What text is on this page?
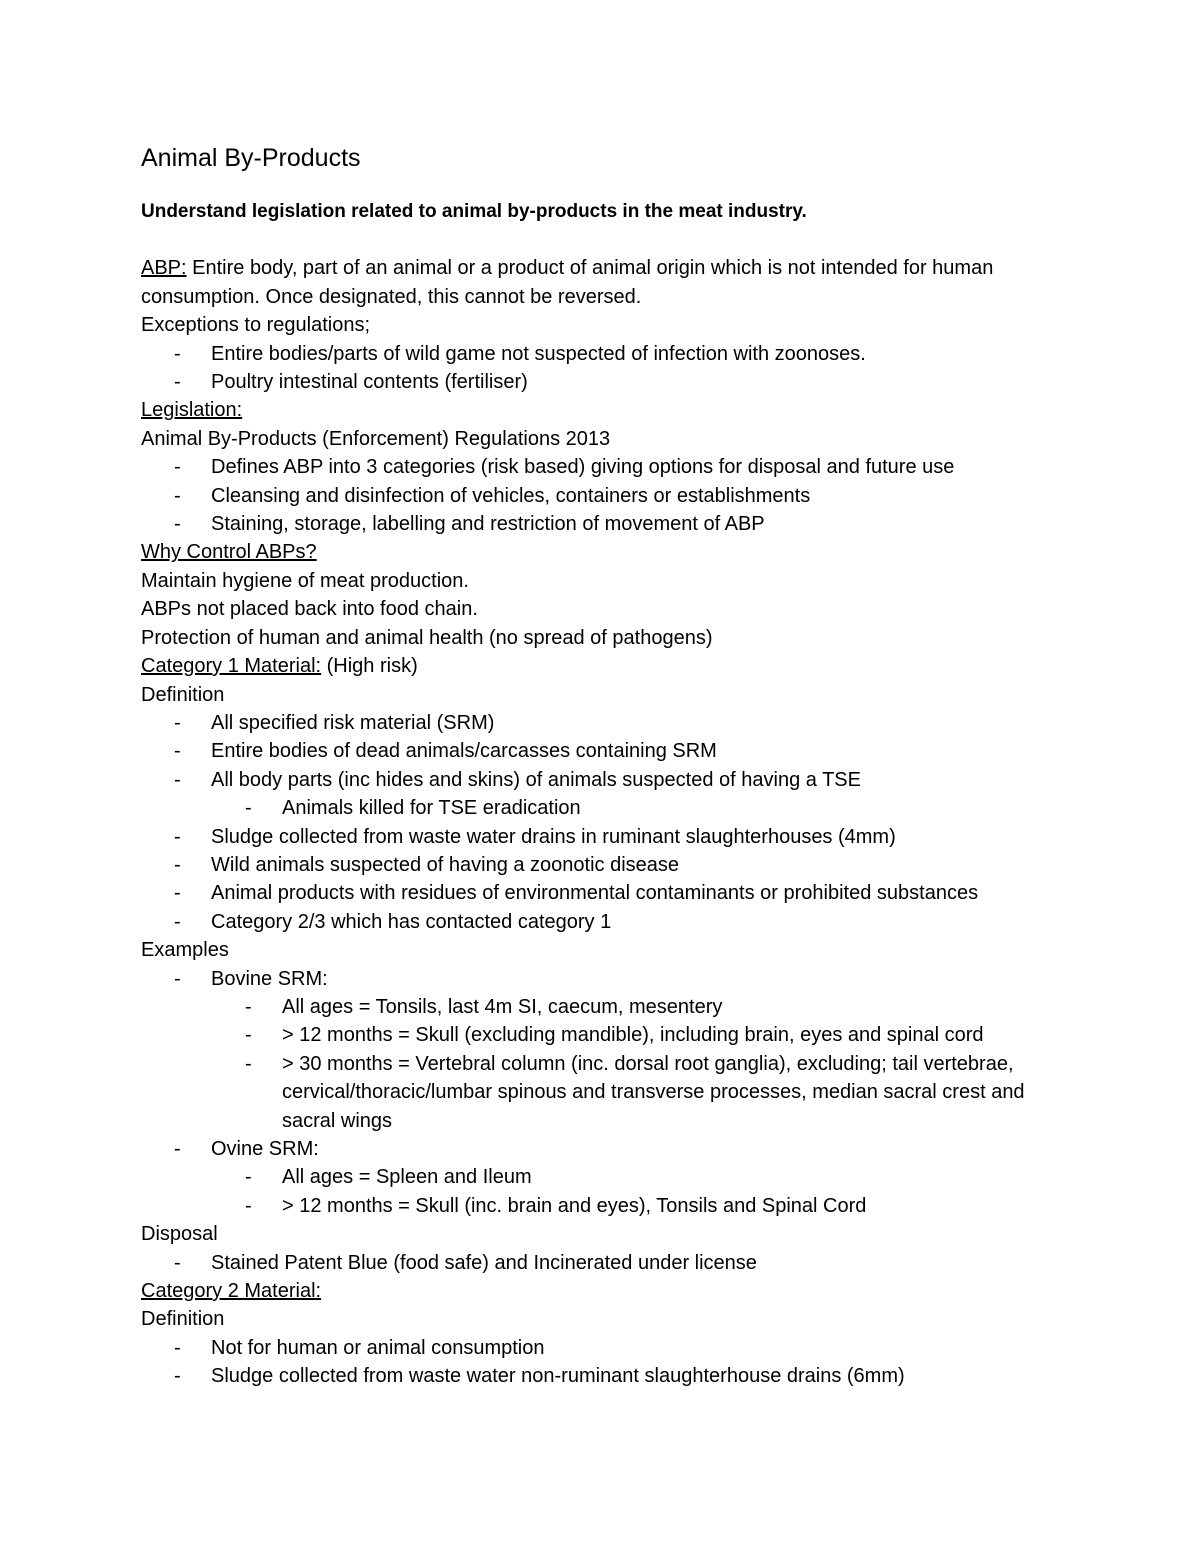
Animal By-Products
Understand legislation related to animal by-products in the meat industry.

ABP: Entire body, part of an animal or a product of animal origin which is not intended for human consumption. Once designated, this cannot be reversed.

Exceptions to regulations;

-	Entire bodies/parts of wild game not suspected of infection with zoonoses.
-	Poultry intestinal contents (fertiliser)

Legislation:

Animal By-Products (Enforcement) Regulations 2013

-	Defines ABP into 3 categories (risk based) giving options for disposal and future use
-	Cleansing and disinfection of vehicles, containers or establishments
-	Staining, storage, labelling and restriction of movement of ABP

Why Control ABPs?

Maintain hygiene of meat production.

ABPs not placed back into food chain.

Protection of human and animal health (no spread of pathogens)

Category 1 Material: (High risk)

Definition

-	All specified risk material (SRM)
-	Entire bodies of dead animals/carcasses containing SRM
-	All body parts (inc hides and skins) of animals suspected of having a TSE
-	Animals killed for TSE eradication
-	Sludge collected from waste water drains in ruminant slaughterhouses (4mm)
-	Wild animals suspected of having a zoonotic disease
-	Animal products with residues of environmental contaminants or prohibited substances
-	Category 2/3 which has contacted category 1

Examples

-	Bovine SRM:
-	All ages = Tonsils, last 4m SI, caecum, mesentery
-	> 12 months = Skull (excluding mandible), including brain, eyes and spinal cord
-	> 30 months = Vertebral column (inc. dorsal root ganglia), excluding; tail vertebrae, cervical/thoracic/lumbar spinous and transverse processes, median sacral crest and sacral wings
-	Ovine SRM:
-	All ages = Spleen and Ileum
-	> 12 months = Skull (inc. brain and eyes), Tonsils and Spinal Cord

Disposal

-	Stained Patent Blue (food safe) and Incinerated under license

Category 2 Material:

Definition

-	Not for human or animal consumption
-	Sludge collected from waste water non-ruminant slaughterhouse drains (6mm)
